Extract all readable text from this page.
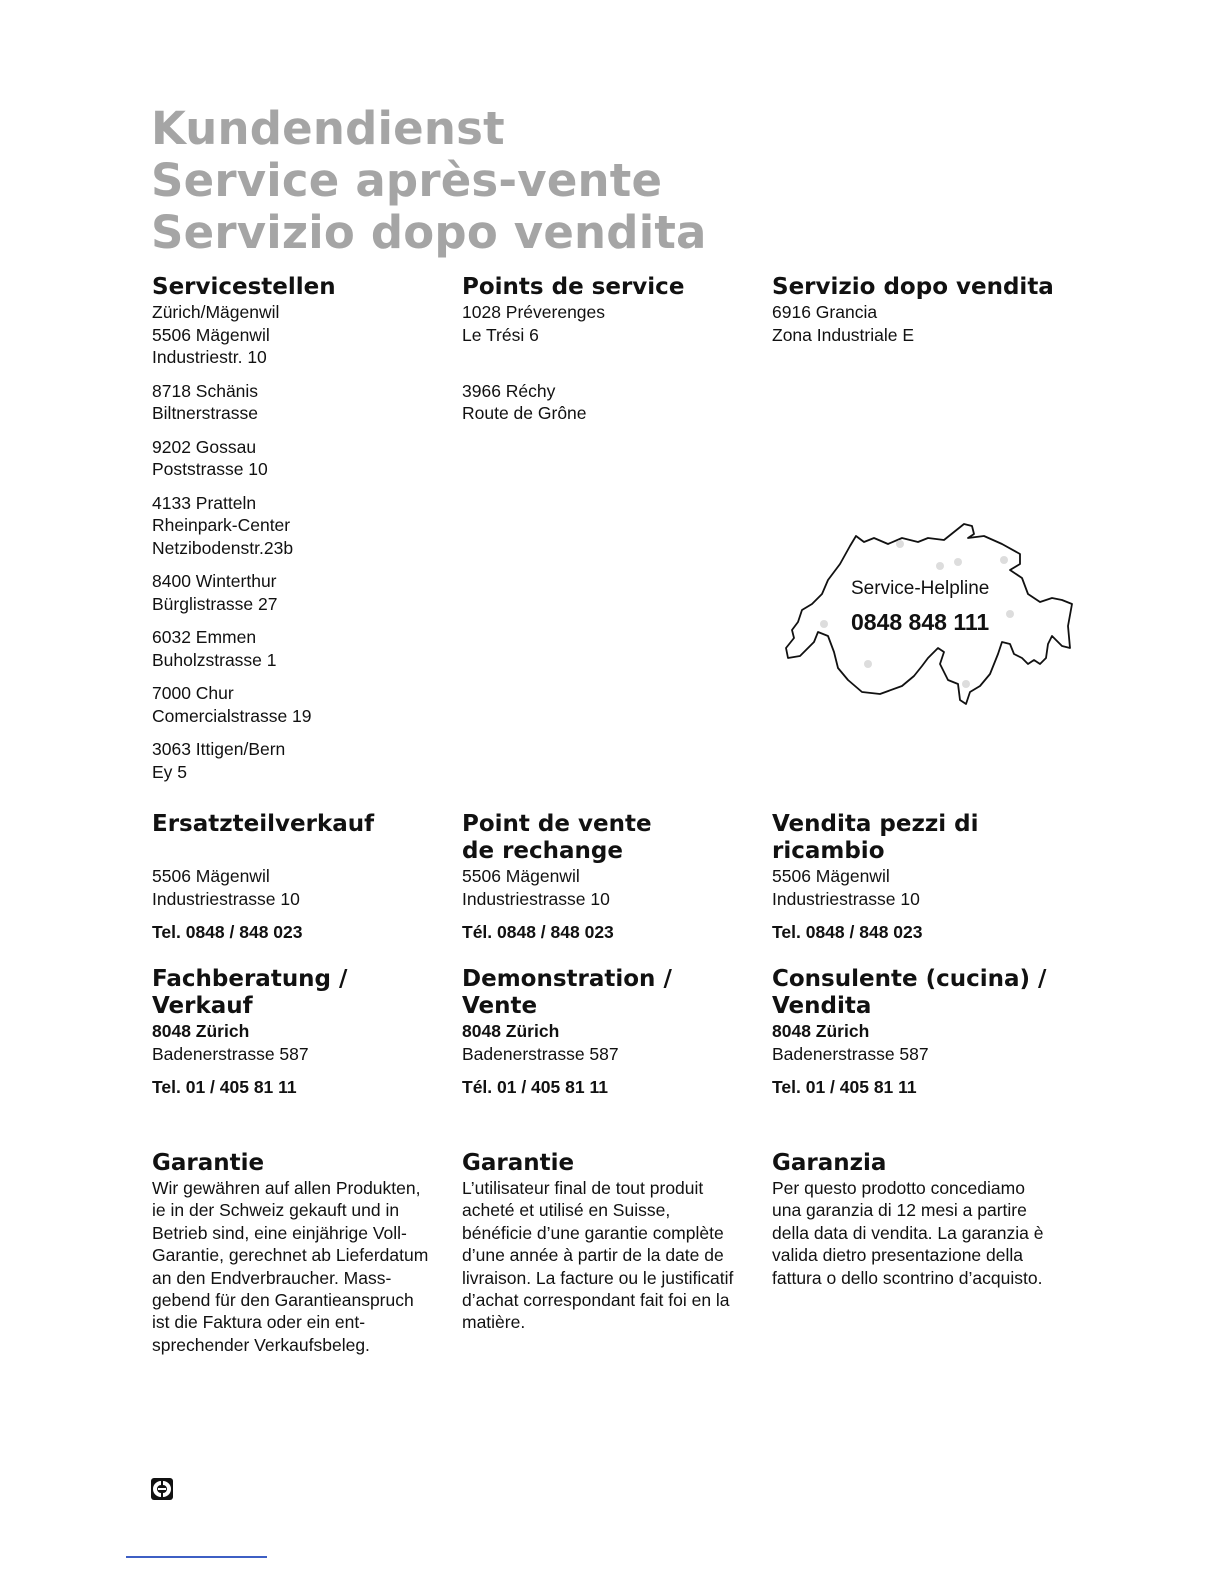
Kundendienst
Service après-vente
Servizio dopo vendita

Servicestellen

Zürich/Mägenwil

5506 Mägenwil

Industriestr. 10

8718 Schänis

Biltnerstrasse

9202 Gossau

Poststrasse 10

4133 Pratteln

Rheinpark-Center

Netzibodenstr.23b

8400 Winterthur

Bürglistrasse 27

6032 Emmen

Buholzstrasse 1

7000 Chur

Comercialstrasse 19

3063 Ittigen/Bern

Ey 5

Points de service

1028 Préverenges

Le Trési 6

3966 Réchy

Route de Grône

Servizio dopo vendita

6916 Grancia

Zona Industriale E

Service-Helpline
0848 848 111

Ersatzteilverkauf

5506 Mägenwil

Industriestrasse 10

Tel. 0848 / 848 023

Point de vente

de rechange

5506 Mägenwil

Industriestrasse 10

Tél. 0848 / 848 023

Vendita pezzi di

ricambio

5506 Mägenwil

Industriestrasse 10

Tel. 0848 / 848 023

Fachberatung /

Verkauf

8048 Zürich

Badenerstrasse 587

Tel. 01 / 405 81 11

Demonstration /

Vente

8048 Zürich

Badenerstrasse 587

Tél. 01 / 405 81 11

Consulente (cucina) /

Vendita

8048 Zürich

Badenerstrasse 587

Tel. 01 / 405 81 11

Garantie

Wir gewähren auf allen Produkten,
ie in der Schweiz gekauft und in
Betrieb sind, eine einjährige Voll-
Garantie, gerechnet ab Lieferdatum
an den Endverbraucher. Mass-
gebend für den Garantieanspruch
ist die Faktura oder ein ent-
sprechender Verkaufsbeleg.

Garantie

L’utilisateur final de tout produit
acheté et utilisé en Suisse,
bénéficie d’une garantie complète
d’une année à partir de la date de
livraison. La facture ou le justificatif
d’achat correspondant fait foi en la
matière.

Garanzia

Per questo prodotto concediamo
una garanzia di 12 mesi a partire
della data di vendita. La garanzia è
valida dietro presentazione della
fattura o dello scontrino d’acquisto.
